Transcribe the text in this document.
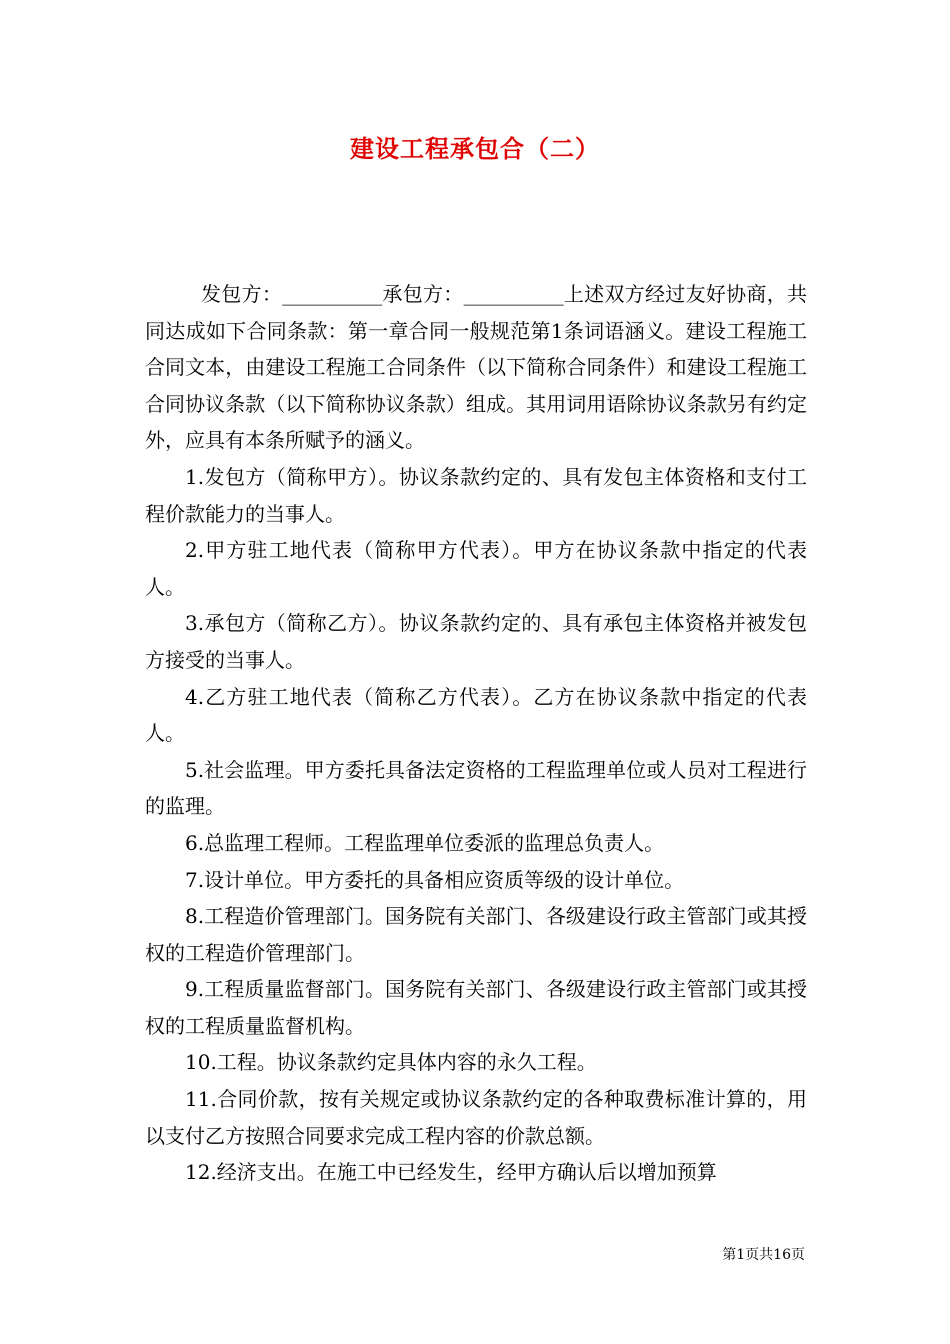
建设工程承包合（二）

发包方：__________承包方：__________上述双方经过友好协商，共同达成如下合同条款：第一章合同一般规范第1条词语涵义。建设工程施工合同文本，由建设工程施工合同条件（以下简称合同条件）和建设工程施工合同协议条款（以下简称协议条款）组成。其用词用语除协议条款另有约定外，应具有本条所赋予的涵义。

1.发包方（简称甲方）。协议条款约定的、具有发包主体资格和支付工程价款能力的当事人。

2.甲方驻工地代表（简称甲方代表）。甲方在协议条款中指定的代表人。

3.承包方（简称乙方）。协议条款约定的、具有承包主体资格并被发包方接受的当事人。

4.乙方驻工地代表（简称乙方代表）。乙方在协议条款中指定的代表人。

5.社会监理。甲方委托具备法定资格的工程监理单位或人员对工程进行的监理。

6.总监理工程师。工程监理单位委派的监理总负责人。

7.设计单位。甲方委托的具备相应资质等级的设计单位。

8.工程造价管理部门。国务院有关部门、各级建设行政主管部门或其授权的工程造价管理部门。

9.工程质量监督部门。国务院有关部门、各级建设行政主管部门或其授权的工程质量监督机构。

10.工程。协议条款约定具体内容的永久工程。

11.合同价款，按有关规定或协议条款约定的各种取费标准计算的，用以支付乙方按照合同要求完成工程内容的价款总额。

12.经济支出。在施工中已经发生，经甲方确认后以增加预算

第1页共16页
